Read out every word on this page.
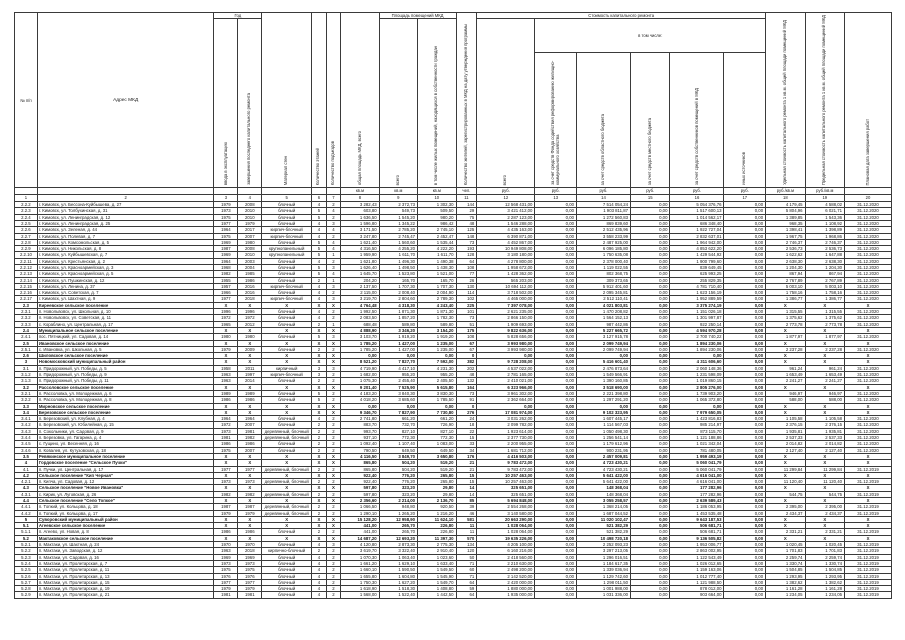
№ п/п	Адрес МКД	Год		Материал стен	Количество этажей	Количество подъездов	общая площадь МКД, всего	Площадь помещений МКД		Количество жителей, зарегистрированных в МКД на дату утверждения программы	Стоимость капитального ремонта						Удельная стоимость капитального ремонта 1 кв.м. общей площади помещений МКД	Предельная стоимость капитального ремонта 1 кв.м. общей площади помещений МКД	Плановая дата завершения работ

		ввода в эксплуатацию	завершения последнего капитального ремонта					всего	в том числе жилых помещений, находящихся в собственности граждан		всего	в том числе:							

												за счет средств Фонда содействия реформированию жилищно-коммунального хозяйства	за счет средств областного бюджета	за счет средств местного бюджета	за счет средств собственников помещений в МКД	иных источников			

							кв.м	кв.м	кв.м	чел.	руб.	руб.	руб.	руб.	руб.	руб.	руб./кв.м	руб./кв.м	
1	2	3	4	5	6	7	8	9	10	11	12	13	14	15	16	17	18	19	20
2.2.2	г. Кимовск, ул. Бессона-Куйбышева, д. 27	1979	2008	блочный	4	2	3 282,43	2 372,73	1 302,30	144	12 568 431,00	0,00	7 514 054,24	0,00	5 054 376,76	0,00	4 179,45	4 588,02	31.12.2020
2.2.3	г. Кимовск, ул. Толбухинская, д. 31	1973	2010	блочный	5	4	603,80	549,73	509,50	29	3 421 412,00	0,00	1 903 811,87	0,00	1 517 600,13	0,00	5 804,96	6 021,71	31.12.2020
2.2.4	г. Кимовск, ул. Ленинградская, д. 12	1975	2010	блочный	5	2	1 636,50	1 545,20	980,20	75	2 287 123,00	0,00	1 272 560,83	0,00	1 014 562,17	0,00	1 389,85	1 543,36	31.12.2020
2.2.5	г. Кимовск, ул. Ленинградская, д. 25	1977	1979	блочный	4	3	1 596,80	1 345,22	986,42	48	1 546 288,00	0,00	869 839,60	0,00	686 348,40	0,00	968,35	1 108,92	31.12.2020
2.2.6	г. Кимовск, ул. Зеленая, д. 44	1964	2017	кирпич-блочный	4	4	3 171,50	2 785,20	2 745,10	125	4 435 163,00	0,00	2 512 435,96	0,00	1 922 727,04	0,00	1 398,41	1 398,89	31.12.2020
2.2.7	г. Кимовск, ул. Полевая, д. 7	1975	2007	кирпич-блочный	4	2	3 247,80	2 745,47	2 452,47	148	6 390 871,00	0,00	3 558 233,99	0,00	2 832 637,01	0,00	1 967,75	1 968,86	31.12.2020
2.2.8	г. Кимовск, ул. Комсомольская, д. 5	1969	1980	блочный	5	4	1 621,40	1 560,60	1 535,44	73	4 452 867,00	0,00	2 487 925,00	0,00	1 964 942,00	0,00	2 746,37	2 746,37	31.12.2020
2.2.9	г. Кимовск, ул. Никольская, д. 8	1987	2008	крупнопанельный	5	4	4 316,50	4 255,20	4 222,20	193	10 949 808,00	0,00	6 096 185,80	0,00	4 853 622,20	0,00	2 536,73	2 536,73	31.12.2020
2.2.10	г. Кимовск, ул. Куйбышевская, д. 7	1969	2010	крупнопанельный	5	1	1 959,90	1 611,70	1 611,70	128	3 180 180,00	0,00	1 750 635,08	0,00	1 429 544,92	0,00	1 622,62	1 647,88	31.12.2020
2.2.11	г. Кимовск, ул. Крестьянская, д. 2	1964	2003	блочный	4	2	1 621,80	1 496,30	1 490,38	64	4 278 800,00	0,00	2 378 000,40	0,00	1 900 799,60	0,00	2 638,30	2 638,30	31.12.2020
2.2.12	г. Кимовск, ул. Красноармейская, д. 3	1968	2004	блочный	5	3	1 626,40	1 498,50	1 438,30	108	1 958 672,00	0,00	1 119 022,55	0,00	839 649,45	0,00	1 204,30	1 204,30	31.12.2020
2.2.13	г. Кимовск, ул. Красноармейская, д. 5	1982	1985	блочный	5	4	1 645,70	1 523,80	1 521,00	77	1 428 362,00	0,00	802 368,75	0,00	625 993,25	0,00	867,94	867,94	31.12.2020
2.2.14	г. Кимовск, ул. Пушкинская, д. 12	1955	1986	блочный	2	1	204,20	165,70	165,70	26	565 203,00	0,00	309 373,65	0,00	255 829,35	0,00	2 767,89	2 767,89	31.12.2020
2.2.15	г. Кимовск, ул. Ленина, д. 37	1957	2016	кирпич-блочный	4	3	2 137,50	1 707,30	1 707,30	130	10 694 112,00	0,00	5 912 401,60	0,00	4 781 710,40	0,00	5 003,10	5 003,10	31.12.2020
2.2.16	г. Кимовск, ул. Советская, д. 7	1966	2016	блочный	4	2	2 115,00	2 008,40	2 004,90	114	3 718 502,00	0,00	2 095 345,81	0,00	1 623 156,19	0,00	1 758,16	1 758,16	31.12.2020
2.2.17	г. Кимовск, ул. Шахтная, д. 9	1977	2018	кирпич-блочный	4	3	3 219,70	2 804,60	2 789,30	102	4 465 000,00	0,00	2 512 110,41	0,00	1 952 889,59	0,00	1 386,77	1 386,77	31.12.2020
2.3	Киреевское сельское поселение	X	X	X	X	X	4 764,48	4 318,30	4 243,40	225	7 397 078,00	0,00	4 021 803,81	0,00	3 375 274,19	0,00	X	X	X
2.3.1	п. Новольвовск, ул. Школьная, д. 10	1996	1996	блочный	4	2	1 992,50	1 871,30	1 871,30	101	2 621 235,00	0,00	1 470 208,82	0,00	1 151 026,18	0,00	1 315,55	1 315,55	31.12.2020
2.3.2	п. Новольвовск, ул. Советская, д. 11	1972	1972	блочный	4	2	2 083,50	1 857,20	1 782,30	73	2 866 150,00	0,00	1 564 152,13	0,00	1 301 997,87	0,00	1 375,62	1 375,62	31.12.2020
2.3.3	с. Кораблино, ул. Центральная, д. 17	1965	2012	блочный	2	1	688,48	589,80	589,80	51	1 909 693,00	0,00	987 442,86	0,00	922 250,14	0,00	2 773,78	2 773,78	31.12.2020
2.4	Муниципальное сельское поселение	X	X	X	X	X	4 888,90	3 346,20	3 154,20	175	9 822 636,00	0,00	5 227 665,72	0,00	4 594 970,28	0,00	X	X	X
2.4.1	пос. Пятницкий, ул. Садовая, д. 14	1980	1980	блочный	5	3	3 103,70	1 919,20	1 919,20	108	5 828 656,00	0,00	3 127 915,78	0,00	2 700 740,22	0,00	1 877,97	1 877,97	31.12.2020
2.5	Ивановское сельское поселение	X	X	X	X	X	1 785,20	1 427,00	1 235,00	67	3 993 980,00	0,00	2 099 749,94	0,00	1 894 230,06	0,00	X	X	X
2.5.1	с. Ивановка, ул. Школьная, д. 5	1979	2009	блочный	2	2	1 785,20	1 427,00	1 235,00	67	3 993 980,00	0,00	2 099 749,94	0,00	1 894 230,06	0,00	2 237,28	2 237,28	31.12.2020
2.6	Шиловское сельское поселение	X	X	X	X	X	0,00	0,00	0,00	0	0,00	0,00	0,00	0,00	0,00	0,00	X	X	X
3	Новомосковский муниципальный район	X	X	X	X	X	8 521,20	7 827,70	7 592,00	382	9 728 208,00	0,00	5 416 601,40	0,00	4 311 606,60	0,00	X	X	X
3.1	п. Придорожный, ул. Победы, д. 5	1958	2011	кирпичный	3	3	4 719,90	4 417,10	4 231,30	202	4 537 022,00	0,00	2 476 873,64	0,00	2 060 148,36	0,00	961,24	961,24	31.12.2020
3.1.2	п. Придорожный, ул. Победы, д. 9	1963	1997	кирпич-блочный	3	2	1 682,00	955,20	955,20	48	2 781 165,00	0,00	1 549 566,91	0,00	1 231 598,09	0,00	1 653,49	1 653,49	31.12.2020
3.1.3	п. Придорожный, ул. Победы, д. 11	1963	2014	блочный	2	2	1 075,30	2 455,40	2 405,50	132	2 410 021,00	0,00	1 390 160,85	0,00	1 019 860,15	0,00	2 241,27	2 241,27	31.12.2020
3.2	Рассоловское сельское поселение	X	X	X	X	X	9 201,40	7 525,90	5 615,80	164	6 323 966,00	0,00	3 518 690,00	0,00	2 805 276,00	0,00	X	X	X
3.2.1	п. Рассоловка, ул. Молодежная, д. 6	1989	1989	блочный	5	2	4 183,20	3 840,30	3 830,30	73	3 961 302,00	0,00	2 221 398,80	0,00	1 739 903,20	0,00	946,97	946,97	31.12.2020
3.2.2	п. Рассоловка, ул. Молодежная, д. 8	1986	1986	блочный	5	2	4 018,20	3 685,60	1 785,50	91	2 362 664,00	0,00	1 297 291,20	0,00	1 065 372,80	0,00	588,00	588,00	31.12.2020
3.3	Мирновское сельское поселение	X	X	X	X	X	0,00	0,00	0,00	0	0,00	0,00	0,00	0,00	0,00	0,00	X	X	X
3.4	Березовское сельское поселение	X	X	X	X	X	9 346,70	7 827,90	7 730,80	276	17 081 974,00	0,00	9 102 323,95	0,00	7 979 650,05	0,00	X	X	X
3.4.1	п. Березовский, ул. Клубная, д. 4	1964	1964	блочный	4	2	2 741,80	661,20	661,20	24	3 031 262,00	0,00	1 607 445,17	0,00	1 423 816,83	0,00	1 105,58	1 105,58	31.12.2020
3.4.2	п. Березовский, ул. Юбилейная, д. 15	1972	2007	блочный	2	2	883,70	732,70	726,90	18	2 099 782,00	0,00	1 114 567,03	0,00	985 214,97	0,00	2 376,15	2 376,15	31.12.2020
3.4.3	п. Сокольники, ул. Садовая, д. 9	1973	1981	деревянный, блочный	2	2	993,70	827,10	827,10	22	1 923 614,00	0,00	1 050 498,30	0,00	873 115,70	0,00	1 935,81	1 935,81	31.12.2020
3.4.4	п. Березовка, ул. Гагарина, д. 4	1981	1982	деревянный, блочный	2	2	937,10	772,30	772,30	15	2 377 730,00	0,00	1 256 541,14	0,00	1 121 188,86	0,00	2 537,33	2 537,33	31.12.2020
3.4.5	с. Гущино, ул. Весенняя, д. 16	1986	1986	блочный	2	2	1 092,40	1 107,40	1 083,00	33	2 200 955,00	0,00	1 179 612,96	0,00	1 021 342,04	0,00	2 014,82	2 014,82	31.12.2020
3.4.6	п. Ковалев, ул. Кутузовская, д. 18	1975	2007	блочный	2	2	790,50	649,50	649,50	34	1 681 712,00	0,00	900 231,95	0,00	781 480,05	0,00	2 127,40	2 127,40	31.12.2020
3.5	Ревякинское муниципальное поселение	X	X	X	X	X	4 116,50	3 849,70	3 650,80	176	4 416 503,00	0,00	2 457 009,81	0,00	1 959 493,19	0,00	X	X	X
4	Гордовское поселение "Сельское Пучки"	X	X	X	X	X	865,80	504,20	519,20	21	9 783 472,00	0,00	4 723 430,21	0,00	5 060 041,79	0,00	X	X	X
4.1	п. Пучки, ул. Центральная, д. 17	1977	1977	деревянный, блочный	2	2	865,80	504,20	519,20	21	9 783 472,00	0,00	4 723 430,21	0,00	5 060 041,79	0,00	11 299,84	11 299,84	31.12.2019
4.2	Сельское поселение "Кип Черная"	X	X	X	X	X	922,40	776,20	265,80	15	10 257 463,00	0,00	5 641 422,00	0,00	4 616 041,00	0,00	X	X	X
4.2.1	п. Кипча, ул. Садовая, д. 12	1973	1973	деревянный, блочный	2	2	922,40	776,20	265,80	15	10 257 463,00	0,00	5 641 422,00	0,00	4 616 041,00	0,00	11 120,40	11 120,40	31.12.2019
4.3	Сельское поселение "Новое Ивановка"	X	X	X	X	X	597,80	323,20	29,80	14	325 651,00	0,00	148 368,04	0,00	177 282,96	0,00	X	X	X
4.3.1	с. Кирик, ул. Луговская, д. 26	1982	1982	деревянный, блочный	2	2	597,80	323,20	29,80	14	325 651,00	0,00	148 368,04	0,00	177 282,96	0,00	544,75	544,75	31.12.2019
4.4	Сельское поселение "Село Топкое"	X	X	X	X	X	2 356,60	2 214,00	2 136,70	85	5 694 848,00	0,00	3 055 258,57	0,00	2 639 589,43	0,00	X	X	X
4.4.1	п. Топкий, ул. Кольцова, д. 18	1987	1987	деревянный, блочный	2	2	1 066,50	948,80	920,50	39	2 554 268,00	0,00	1 368 214,05	0,00	1 186 053,95	0,00	2 395,00	2 395,00	31.12.2019
4.4.2	п. Топкий, ул. Кольцова, д. 17	1979	1979	деревянный, блочный	2	2	1 290,10	1 265,20	1 216,20	46	3 140 580,00	0,00	1 687 044,52	0,00	1 453 535,48	0,00	2 434,37	2 434,37	31.12.2019
5	Суворовский муниципальный район	X	X	X	X	X	15 128,20	12 958,90	11 624,10	581	20 663 290,00	0,00	11 020 102,47	0,00	9 643 187,53	0,00	X	X	X
5.1	Агеевское сельское поселение	X	X	X	X	X	441,00	265,70	226,80	11	1 028 064,00	0,00	521 382,29	0,00	506 681,71	0,00	X	X	X
5.1.1	п. Агеево, ул. Новая, д. 8	1986	1986	блочный	2	2	441,00	265,70	226,80	11	1 028 064,00	0,00	521 382,29	0,00	506 681,71	0,00	2 331,21	2 331,21	31.12.2019
5.2	Мактаковское сельское поселение	X	X	X	X	X	14 687,20	12 693,20	11 397,30	570	19 635 226,00	0,00	10 498 720,18	0,00	9 136 505,82	0,00	X	X	X
5.2.1	п. Мактаки, ул. Шахтная, д. 24	1970	1970	блочный	4	3	4 120,80	2 873,30	2 775,30	134	4 205 100,00	0,00	2 252 093,23	0,00	1 953 006,77	0,00	1 020,45	1 020,45	31.12.2019
5.2.2	п. Мактаки, ул. Заводская, д. 12	1963	2018	кирпично-блочный	2	2	3 619,70	3 322,40	2 910,40	120	6 160 216,00	0,00	3 297 213,05	0,00	2 863 002,95	0,00	1 701,83	1 701,83	31.12.2019
5.2.3	п. Мактаки, ул. Садовая, д. 16	1969	1969	блочный	4	2	1 070,30	1 063,40	1 023,60	50	2 418 560,00	0,00	1 296 016,51	0,00	1 122 543,49	0,00	2 259,74	2 259,74	31.12.2019
5.2.4	п. Мактаки, ул. Пролетарская, д. 7	1973	1973	блочный	4	2	1 661,20	1 629,10	1 633,40	71	2 210 630,00	0,00	1 184 617,35	0,00	1 026 012,65	0,00	1 330,74	1 330,74	31.12.2019
5.2.5	п. Мактаки, ул. Пролетарская, д. 11	1975	1975	блочный	4	2	1 660,10	1 590,50	1 549,50	60	2 498 200,00	0,00	1 339 036,94	0,00	1 159 163,06	0,00	1 504,85	1 504,85	31.12.2019
5.2.6	п. Мактаки, ул. Пролетарская, д. 13	1976	1976	блочный	4	2	1 655,80	1 604,80	1 545,90	71	2 142 520,00	0,00	1 129 742,60	0,00	1 012 777,40	0,00	1 293,95	1 293,95	31.12.2019
5.2.7	п. Мактаки, ул. Пролетарская, д. 15	1977	1977	блочный	4	2	1 750,30	1 627,20	1 549,70	64	2 420 000,00	0,00	1 298 011,50	0,00	1 121 988,50	0,00	1 382,62	1 382,62	31.12.2019
5.2.8	п. Мактаки, ул. Пролетарская, д. 19	1979	1979	блочный	4	2	1 618,90	1 518,30	1 408,80	59	1 880 000,00	0,00	1 001 988,00	0,00	878 012,00	0,00	1 161,28	1 161,28	31.12.2019
5.2.9	п. Мактаки, ул. Пролетарская, д. 21	1981	1981	блочный	4	2	1 568,00	1 522,40	1 442,50	64	1 935 000,00	0,00	1 031 336,00	0,00	903 664,00	0,00	1 234,05	1 234,05	31.12.2019
